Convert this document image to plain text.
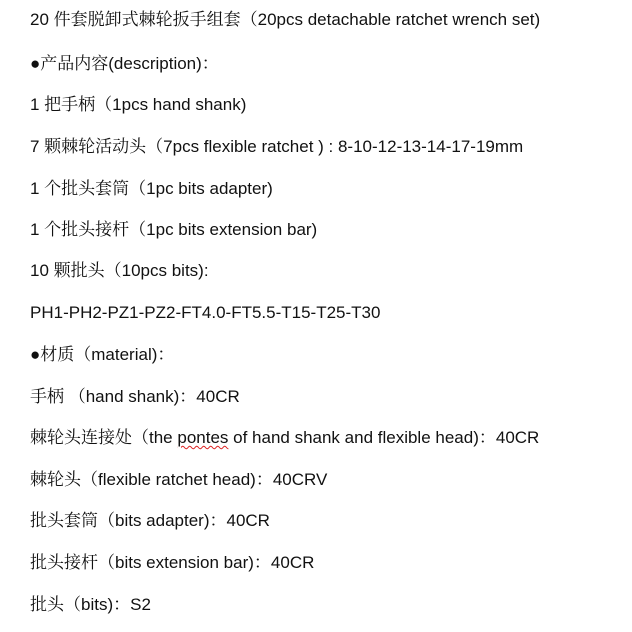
20 件套脱卸式棘轮扳手组套（20pcs detachable ratchet wrench set)
●产品内容(description)：
1 把手柄（1pcs hand shank)
7 颗棘轮活动头（7pcs flexible ratchet ) : 8-10-12-13-14-17-19mm
1 个批头套筒（1pc bits adapter)
1 个批头接杆（1pc bits extension bar)
10 颗批头（10pcs bits):
PH1-PH2-PZ1-PZ2-FT4.0-FT5.5-T15-T25-T30
●材质（material)：
手柄 （hand shank)：40CR
棘轮头连接处（the pontes of hand shank and flexible head)：40CR
棘轮头（flexible ratchet head)：40CRV
批头套筒（bits adapter)：40CR
批头接杆（bits extension bar)：40CR
批头（bits)：S2
